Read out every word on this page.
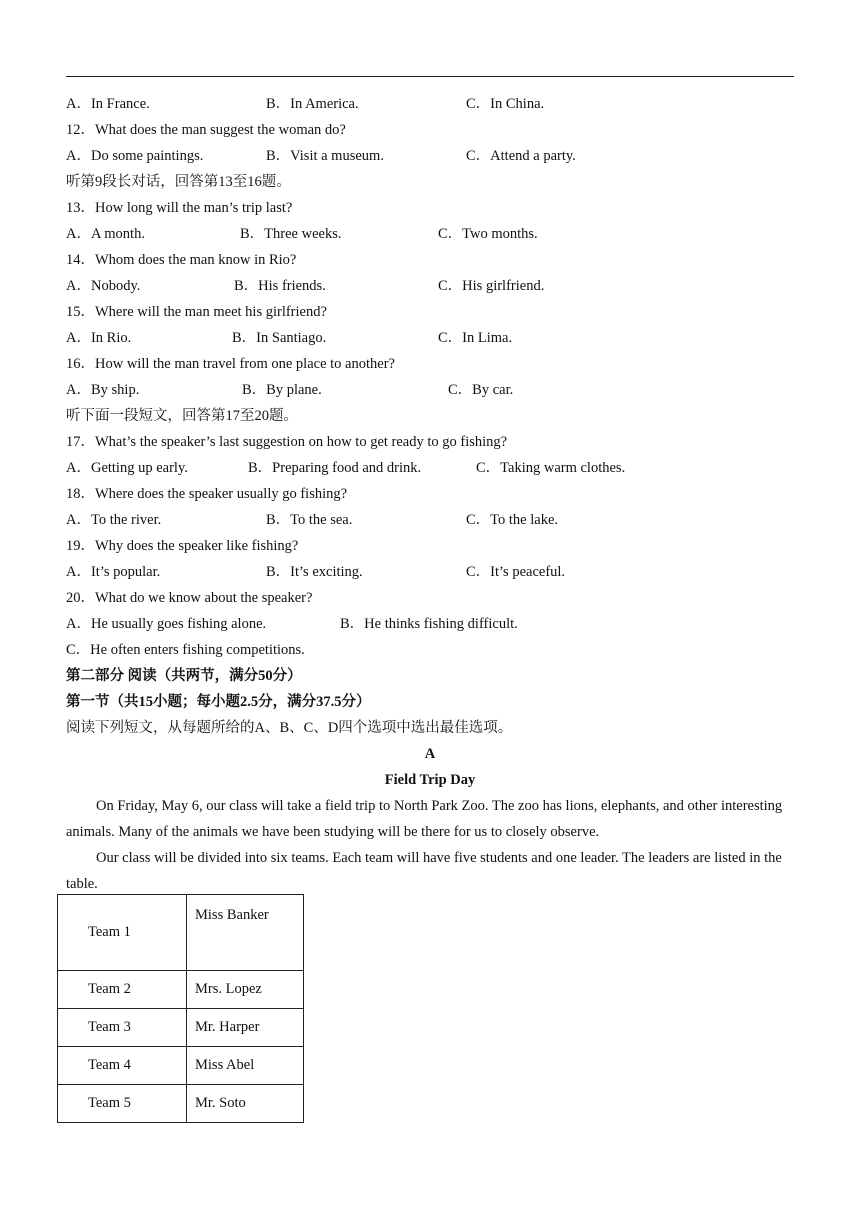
A．In France.	B．In America.	C．In China.
12．What does the man suggest the woman do?
A．Do some paintings.	B．Visit a museum.	C．Attend a party.
听第9段长对话，回答第13至16题。
13．How long will the man’s trip last?
A．A month.	B．Three weeks.	C．Two months.
14．Whom does the man know in Rio?
A．Nobody.	B．His friends.	C．His girlfriend.
15．Where will the man meet his girlfriend?
A．In Rio.	B．In Santiago.	C．In Lima.
16．How will the man travel from one place to another?
A．By ship.	B．By plane.	C．By car.
听下面一段短文，回答第17至20题。
17．What’s the speaker’s last suggestion on how to get ready to go fishing?
A．Getting up early.	B．Preparing food and drink.	C．Taking warm clothes.
18．Where does the speaker usually go fishing?
A．To the river.	B．To the sea.	C．To the lake.
19．Why does the speaker like fishing?
A．It’s popular.	B．It’s exciting.	C．It’s peaceful.
20．What do we know about the speaker?
A．He usually goes fishing alone.	B．He thinks fishing difficult.
C．He often enters fishing competitions.
第二部分 阅读（共两节，满分50分）
第一节（共15小题；每小题2.5分，满分37.5分）
阅读下列短文，从每题所给的A、B、C、D四个选项中选出最佳选项。
A
Field Trip Day

On Friday, May 6, our class will take a field trip to North Park Zoo. The zoo has lions, elephants, and other interesting animals. Many of the animals we have been studying will be there for us to closely observe.

Our class will be divided into six teams. Each team will have five students and one leader. The leaders are listed in the table.

Team 1	Miss Banker
Team 2	Mrs. Lopez
Team 3	Mr. Harper
Team 4	Miss Abel
Team 5	Mr. Soto
